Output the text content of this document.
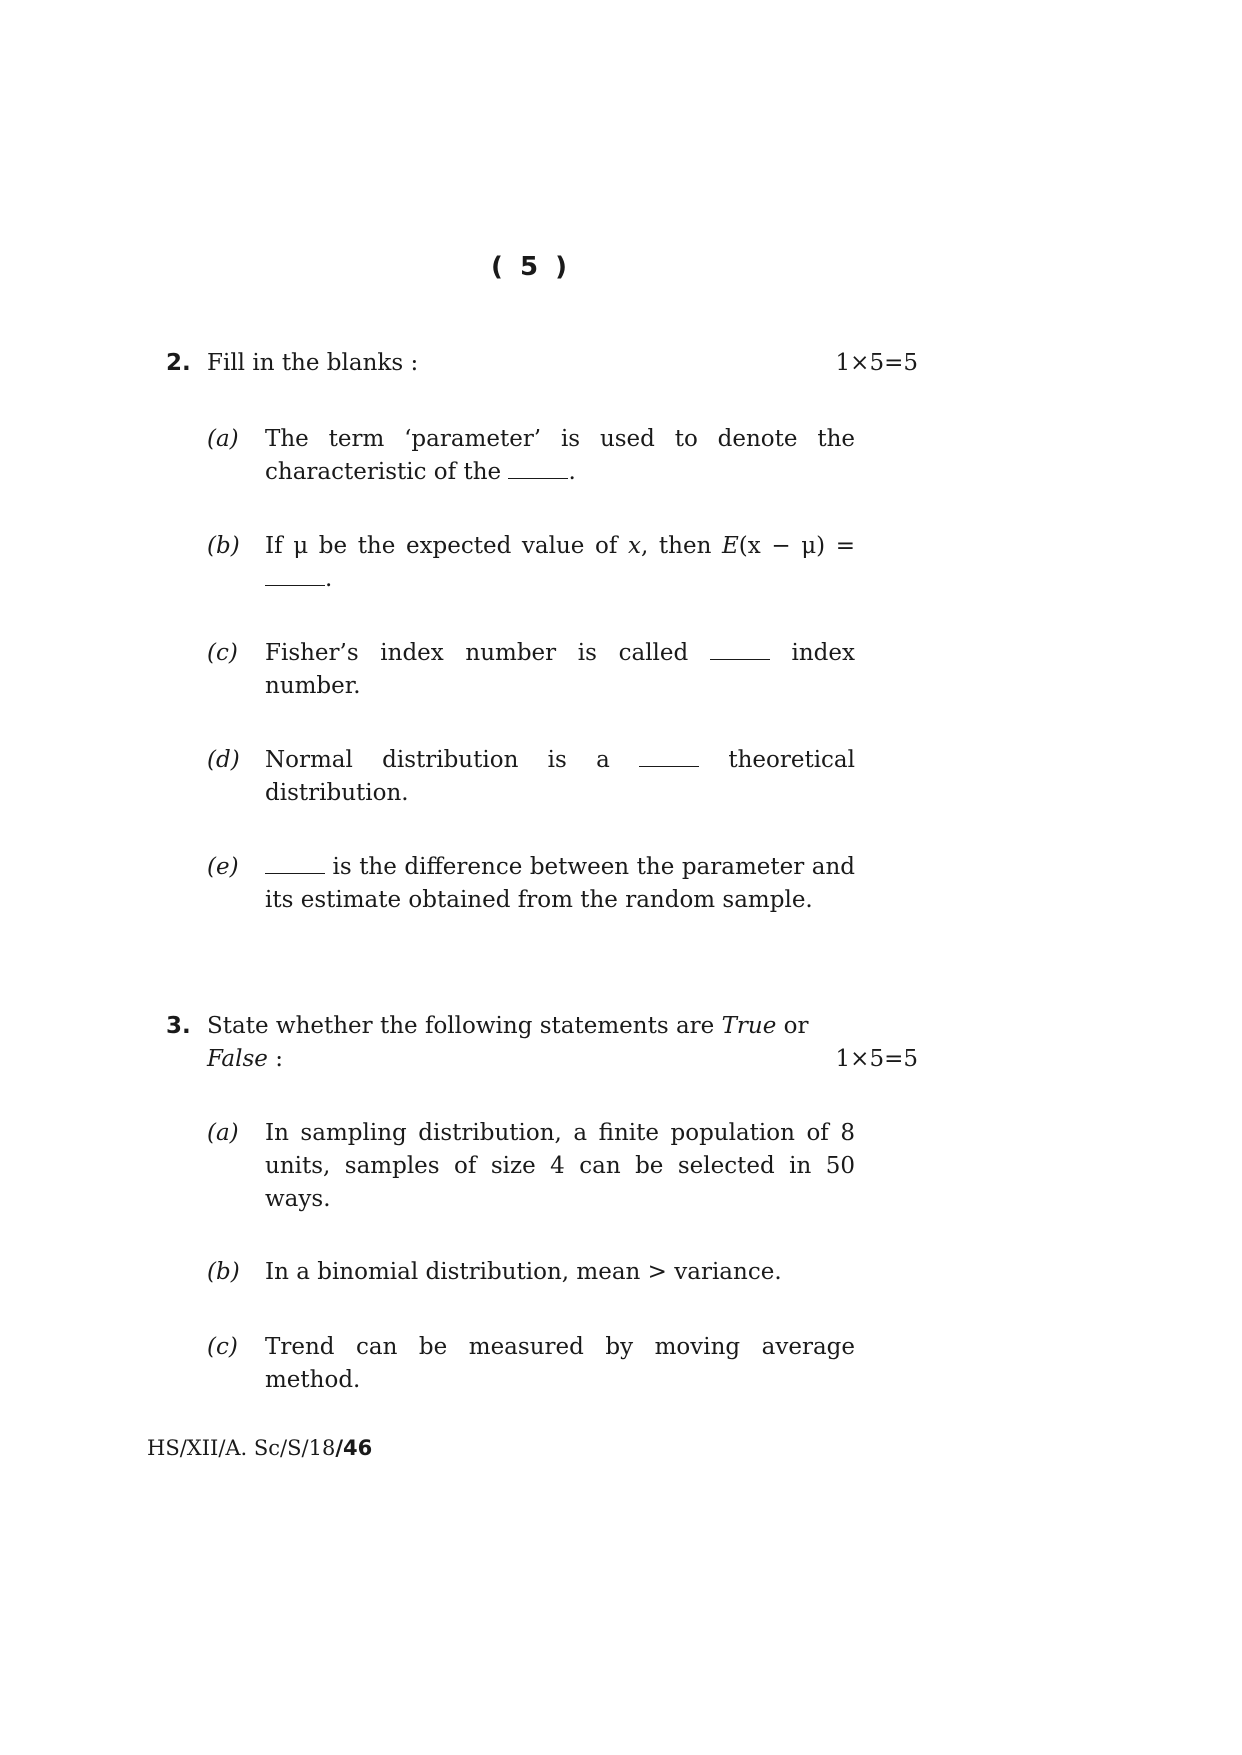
( 5 )
2. Fill in the blanks :	1×5=5
(a) The term ‘parameter’ is used to denote the characteristic of the	.
(b) If μ be the expected value of x, then E(x − μ) = .
(c) Fisher’s index number is called	index number.
(d) Normal distribution is a	theoretical distribution.
(e)	is the difference between the parameter and its estimate obtained from the random sample.
3. State whether the following statements are True or
False :	1×5=5
(a) In sampling distribution, a finite population of 8 units, samples of size 4 can be selected in 50 ways.
(b) In a binomial distribution, mean > variance.
(c) Trend can be measured by moving average method.
HS/XII/A. Sc/S/18/46
